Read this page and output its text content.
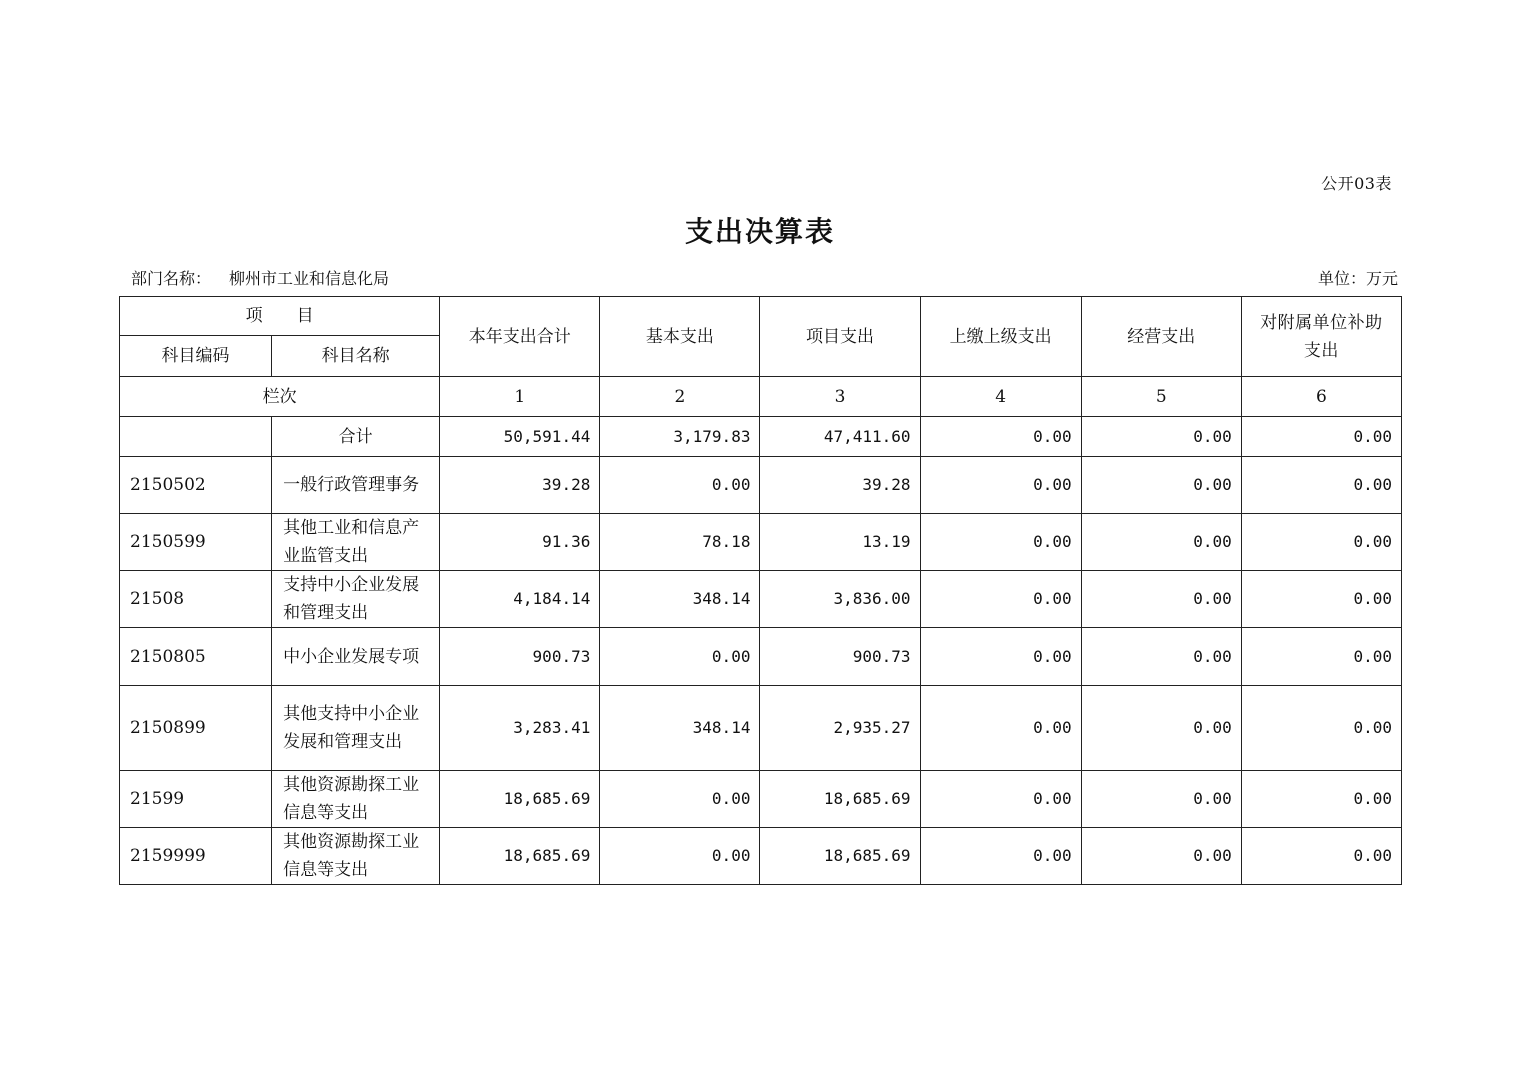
公开03表
支出决算表
部门名称： 柳州市工业和信息化局	单位：万元
项　　目		本年支出合计	基本支出	项目支出	上缴上级支出	经营支出	对附属单位补助支出
科目编码	科目名称						
栏次		1	2	3	4	5	6
	合计	50,591.44	3,179.83	47,411.60	0.00	0.00	0.00
2150502	一般行政管理事务	39.28	0.00	39.28	0.00	0.00	0.00
2150599	其他工业和信息产业监管支出	91.36	78.18	13.19	0.00	0.00	0.00
21508	支持中小企业发展和管理支出	4,184.14	348.14	3,836.00	0.00	0.00	0.00
2150805	中小企业发展专项	900.73	0.00	900.73	0.00	0.00	0.00
2150899	其他支持中小企业发展和管理支出	3,283.41	348.14	2,935.27	0.00	0.00	0.00
21599	其他资源勘探工业信息等支出	18,685.69	0.00	18,685.69	0.00	0.00	0.00
2159999	其他资源勘探工业信息等支出	18,685.69	0.00	18,685.69	0.00	0.00	0.00
